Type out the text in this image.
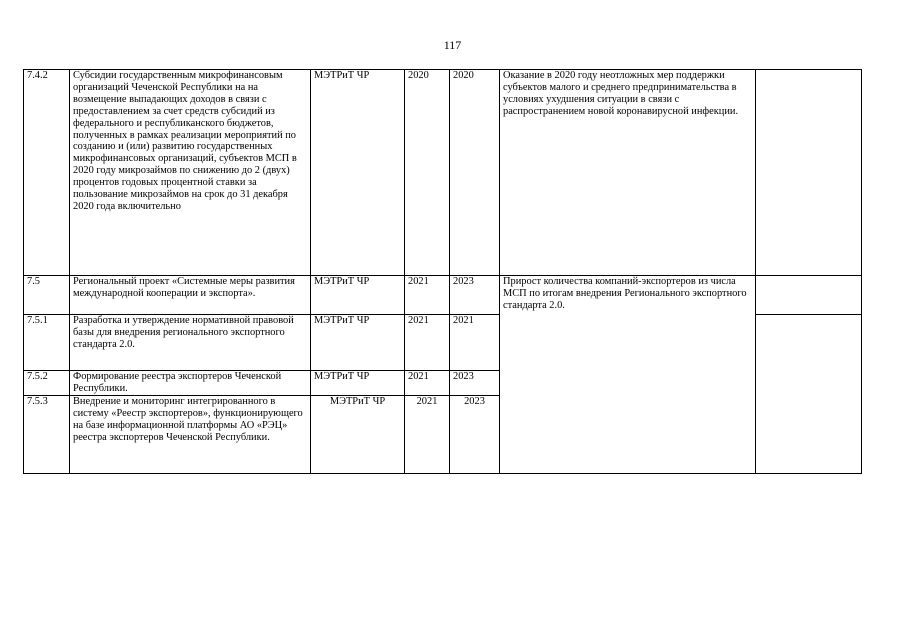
117
7.4.2	Субсидии государственным микрофинансовым организаций Чеченской Республики на на возмещение выпадающих доходов в связи с предоставлением за счет средств субсидий из федерального и республиканского бюджетов, полученных в рамках реализации мероприятий по созданию и (или) развитию государственных микрофинансовых организаций, субъектов МСП в 2020 году микрозаймов по снижению до 2 (двух) процентов годовых процентной ставки за пользование микрозаймов на срок до 31 декабря 2020 года включительно	МЭТРиТ ЧР	2020	2020	Оказание в 2020 году неотложных мер поддержки субъектов малого и среднего предпринимательства в условиях ухудшения ситуации в связи с распространением новой коронавирусной инфекции.	
7.5	Региональный проект «Системные меры развития международной кооперации и экспорта».	МЭТРиТ ЧР	2021	2023	Прирост количества компаний-экспортеров из числа МСП по итогам внедрения Регионального экспортного стандарта 2.0.	
7.5.1	Разработка и утверждение нормативной правовой базы для внедрения регионального экспортного стандарта 2.0.	МЭТРиТ ЧР	2021	2021		
7.5.2	Формирование реестра экспортеров Чеченской Республики.	МЭТРиТ ЧР	2021	2023		
7.5.3	Внедрение и мониторинг интегрированного в систему «Реестр экспортеров», функционирующего на базе информационной платформы АО «РЭЦ» реестра экспортеров Чеченской Республики.	МЭТРиТ ЧР	2021	2023		
